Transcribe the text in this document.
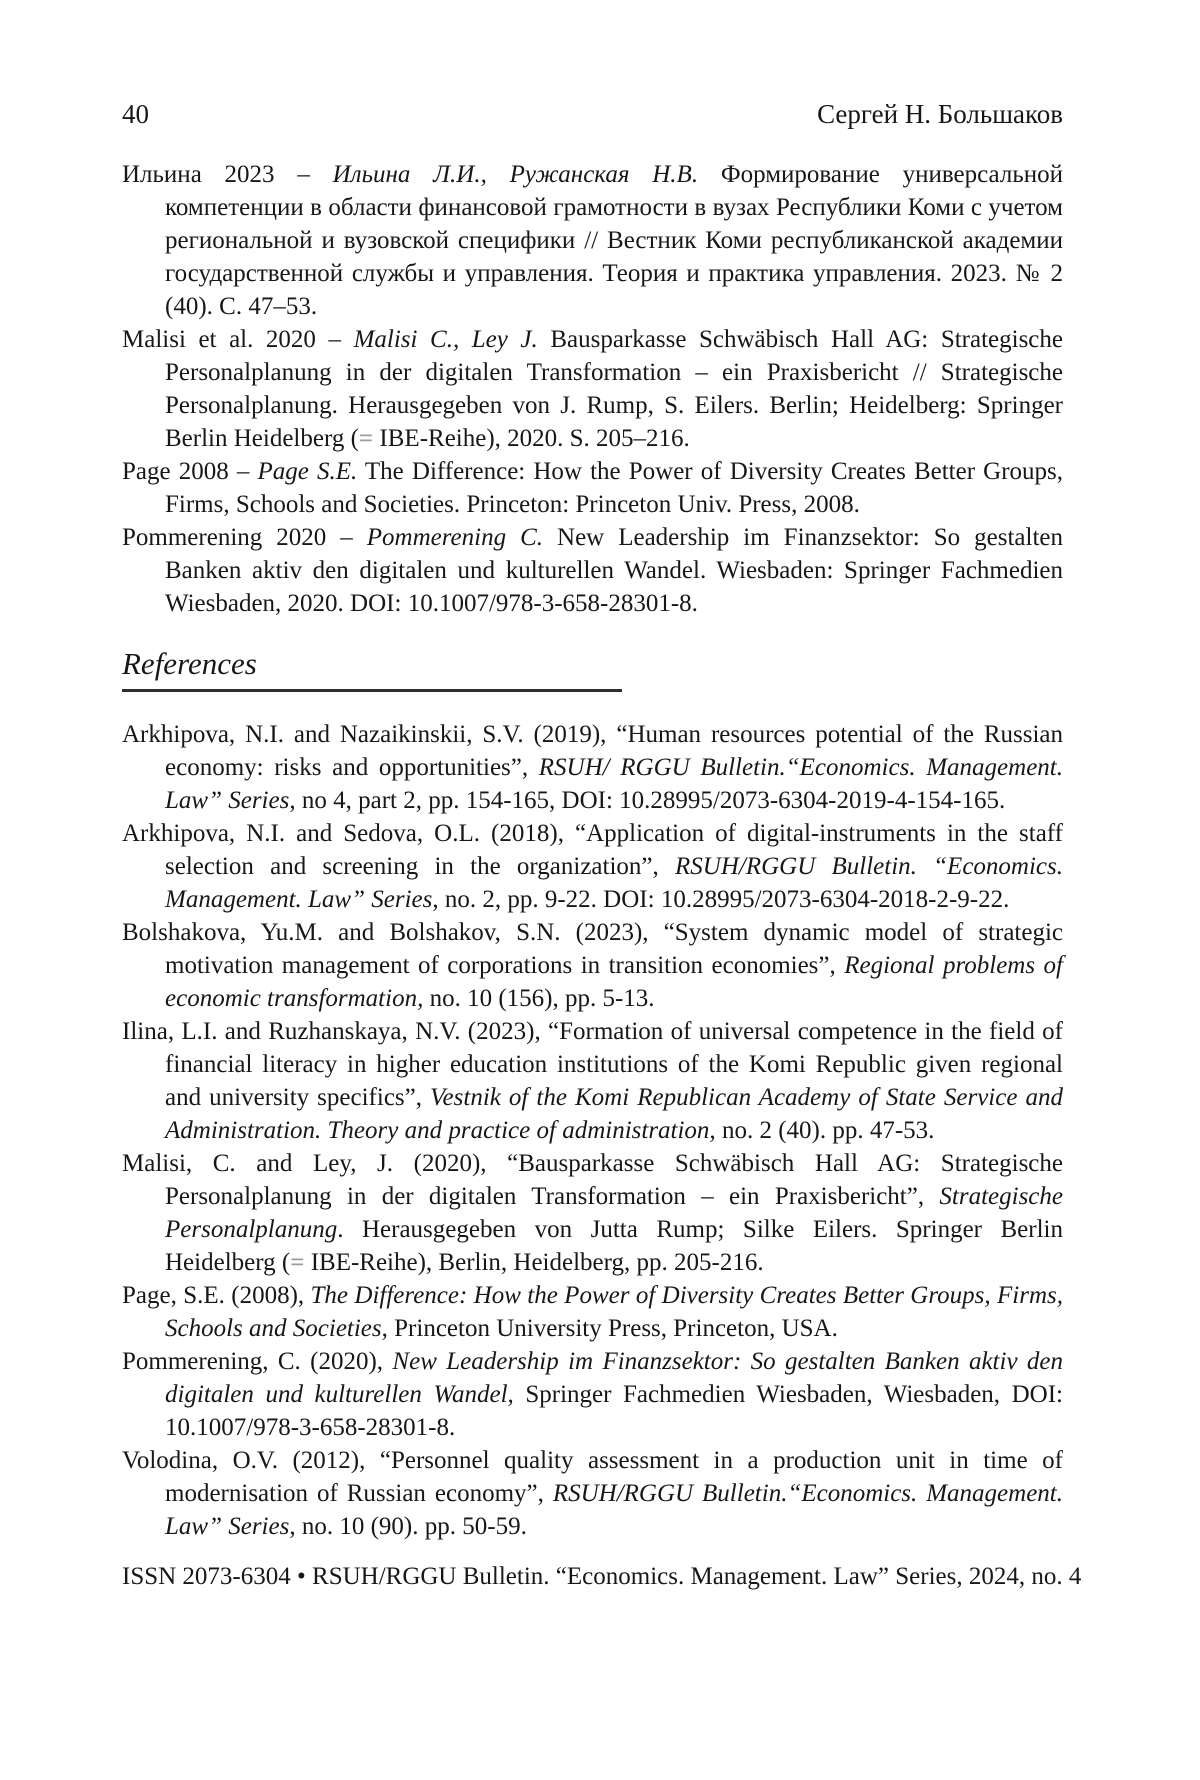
40	Сергей Н. Большаков

Ильина 2023 – Ильина Л.И., Ружанская Н.В. Формирование универсальной компетенции в области финансовой грамотности в вузах Республики Коми с учетом региональной и вузовской специфики // Вестник Коми республиканской академии государственной службы и управления. Теория и практика управления. 2023. № 2 (40). С. 47–53.

Malisi et al. 2020 – Malisi C., Ley J. Bausparkasse Schwäbisch Hall AG: Strategische Personalplanung in der digitalen Transformation – ein Praxisbericht // Strategische Personalplanung. Herausgegeben von J. Rump, S. Eilers. Berlin; Heidelberg: Springer Berlin Heidelberg (= IBE-Reihe), 2020. S. 205–216.

Page 2008 – Page S.E. The Difference: How the Power of Diversity Creates Better Groups, Firms, Schools and Societies. Princeton: Princeton Univ. Press, 2008.

Pommerening 2020 – Pommerening C. New Leadership im Finanzsektor: So gestalten Banken aktiv den digitalen und kulturellen Wandel. Wiesbaden: Springer Fachmedien Wiesbaden, 2020. DOI: 10.1007/978-3-658-28301-8.

References

Arkhipova, N.I. and Nazaikinskii, S.V. (2019), “Human resources potential of the Russian economy: risks and opportunities”, RSUH/ RGGU Bulletin.“Economics. Management. Law” Series, no 4, part 2, pp. 154-165, DOI: 10.28995/2073-6304-2019-4-154-165.

Arkhipova, N.I. and Sedova, O.L. (2018), “Application of digital-instruments in the staff selection and screening in the organization”, RSUH/RGGU Bulletin. “Economics. Management. Law” Series, no. 2, pp. 9-22. DOI: 10.28995/2073-6304-2018-2-9-22.

Bolshakova, Yu.M. and Bolshakov, S.N. (2023), “System dynamic model of strategic motivation management of corporations in transition economies”, Regional problems of economic transformation, no. 10 (156), pp. 5-13.

Ilina, L.I. and Ruzhanskaya, N.V. (2023), “Formation of universal competence in the field of financial literacy in higher education institutions of the Komi Republic given regional and university specifics”, Vestnik of the Komi Republican Academy of State Service and Administration. Theory and practice of administration, no. 2 (40). pp. 47-53.

Malisi, C. and Ley, J. (2020), “Bausparkasse Schwäbisch Hall AG: Strategische Personalplanung in der digitalen Transformation – ein Praxisbericht”, Strategische Personalplanung. Herausgegeben von Jutta Rump; Silke Eilers. Springer Berlin Heidelberg (= IBE-Reihe), Berlin, Heidelberg, pp. 205-216.

Page, S.E. (2008), The Difference: How the Power of Diversity Creates Better Groups, Firms, Schools and Societies, Princeton University Press, Princeton, USA.

Pommerening, C. (2020), New Leadership im Finanzsektor: So gestalten Banken aktiv den digitalen und kulturellen Wandel, Springer Fachmedien Wiesbaden, Wiesbaden, DOI: 10.1007/978-3-658-28301-8.

Volodina, O.V. (2012), “Personnel quality assessment in a production unit in time of modernisation of Russian economy”, RSUH/RGGU Bulletin.“Economics. Management. Law” Series, no. 10 (90). pp. 50-59.

ISSN 2073-6304 • RSUH/RGGU Bulletin. “Economics. Management. Law” Series, 2024, no. 4
